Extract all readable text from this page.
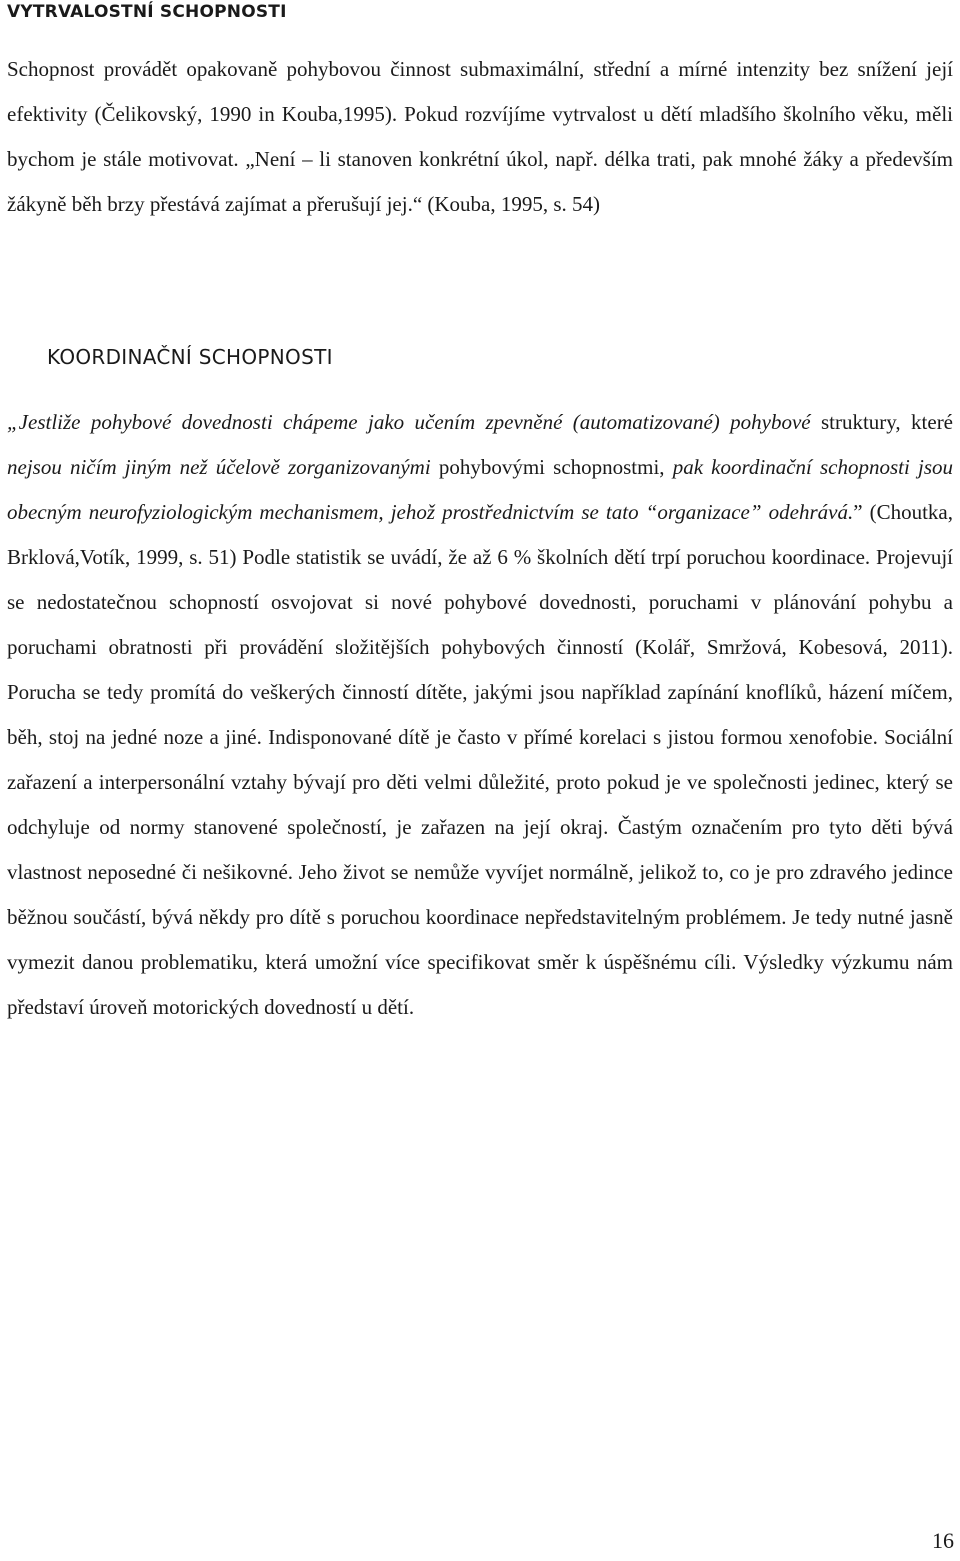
VYTRVALOSTNÍ SCHOPNOSTI

Schopnost provádět opakovaně pohybovou činnost submaximální, střední a mírné intenzity bez snížení její efektivity (Čelikovský, 1990 in Kouba,1995). Pokud rozvíjíme vytrvalost u dětí mladšího školního věku, měli bychom je stále motivovat. „Není – li stanoven konkrétní úkol, např. délka trati, pak mnohé žáky a především žákyně běh brzy přestává zajímat a přerušují jej.“ (Kouba, 1995, s. 54)

KOORDINAČNÍ SCHOPNOSTI

„Jestliže pohybové dovednosti chápeme jako učením zpevněné (automatizované) pohybové struktury, které nejsou ničím jiným než účelově zorganizovanými pohybovými schopnostmi, pak koordinační schopnosti jsou obecným neurofyziologickým mechanismem, jehož prostřednictvím se tato “organizace” odehrává.” (Choutka, Brklová,Votík, 1999, s. 51) Podle statistik se uvádí, že až 6 % školních dětí trpí poruchou koordinace. Projevují se nedostatečnou schopností osvojovat si nové pohybové dovednosti, poruchami v plánování pohybu a poruchami obratnosti při provádění složitějších pohybových činností (Kolář, Smržová, Kobesová, 2011). Porucha se tedy promítá do veškerých činností dítěte, jakými jsou například zapínání knoflíků, házení míčem, běh, stoj na jedné noze a jiné. Indisponované dítě je často v přímé korelaci s jistou formou xenofobie. Sociální zařazení a interpersonální vztahy bývají pro děti velmi důležité, proto pokud je ve společnosti jedinec, který se odchyluje od normy stanovené společností, je zařazen na její okraj. Častým označením pro tyto děti bývá vlastnost neposedné či nešikovné. Jeho život se nemůže vyvíjet normálně, jelikož to, co je pro zdravého jedince běžnou součástí, bývá někdy pro dítě s poruchou koordinace nepředstavitelným problémem. Je tedy nutné jasně vymezit danou problematiku, která umožní více specifikovat směr k úspěšnému cíli. Výsledky výzkumu nám představí úroveň motorických dovedností u dětí.

16
